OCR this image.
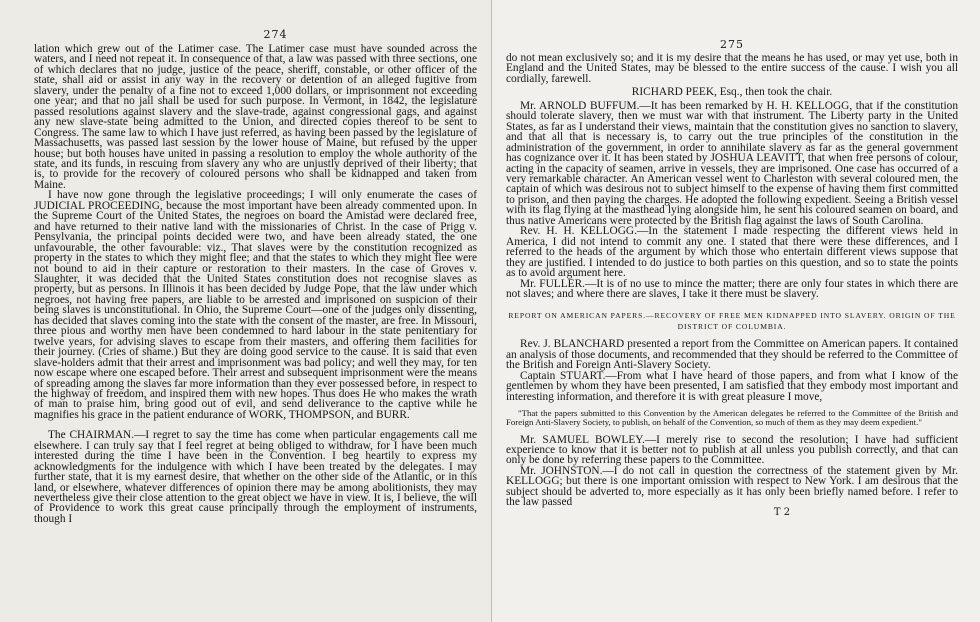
274

lation which grew out of the Latimer case. The Latimer case must have sounded across the waters, and I need not repeat it. In consequence of that, a law was passed with three sections, one of which declares that no judge, justice of the peace, sheriff, constable, or other officer of the state, shall aid or assist in any way in the recovery or detention of an alleged fugitive from slavery, under the penalty of a fine not to exceed 1,000 dollars, or imprisonment not exceeding one year; and that no jail shall be used for such purpose. In Vermont, in 1842, the legislature passed resolutions against slavery and the slave-trade, against congressional gags, and against any new slave-state being admitted to the Union, and directed copies thereof to be sent to Congress. The same law to which I have just referred, as having been passed by the legislature of Massachusetts, was passed last session by the lower house of Maine, but refused by the upper house; but both houses have united in passing a resolution to employ the whole authority of the state, and its funds, in rescuing from slavery any who are unjustly deprived of their liberty; that is, to provide for the recovery of coloured persons who shall be kidnapped and taken from Maine.

I have now gone through the legislative proceedings; I will only enumerate the cases of JUDICIAL PROCEEDING, because the most important have been already commented upon. In the Supreme Court of the United States, the negroes on board the Amistad were declared free, and have returned to their native land with the missionaries of Christ. In the case of Prigg v. Pensylvania, the principal points decided were two, and have been already stated, the one unfavourable, the other favourable: viz., That slaves were by the constitution recognized as property in the states to which they might flee; and that the states to which they might flee were not bound to aid in their capture or restoration to their masters. In the case of Groves v. Slaughter, it was decided that the United States constitution does not recognise slaves as property, but as persons. In Illinois it has been decided by Judge Pope, that the law under which negroes, not having free papers, are liable to be arrested and imprisoned on suspicion of their being slaves is unconstitutional. In Ohio, the Supreme Court—one of the judges only dissenting, has decided that slaves coming into the state with the consent of the master, are free. In Missouri, three pious and worthy men have been condemned to hard labour in the state penitentiary for twelve years, for advising slaves to escape from their masters, and offering them facilities for their journey. (Cries of shame.) But they are doing good service to the cause. It is said that even slave-holders admit that their arrest and imprisonment was bad policy; and well they may, for ten now escape where one escaped before. Their arrest and subsequent imprisonment were the means of spreading among the slaves far more information than they ever possessed before, in respect to the highway of freedom, and inspired them with new hopes. Thus does He who makes the wrath of man to praise him, bring good out of evil, and send deliverance to the captive while he magnifies his grace in the patient endurance of WORK, THOMPSON, and BURR.

The CHAIRMAN.—I regret to say the time has come when particular engagements call me elsewhere. I can truly say that I feel regret at being obliged to withdraw, for I have been much interested during the time I have been in the Convention. I beg heartily to express my acknowledgments for the indulgence with which I have been treated by the delegates. I may further state, that it is my earnest desire, that whether on the other side of the Atlantic, or in this land, or elsewhere, whatever differences of opinion there may be among abolitionists, they may nevertheless give their close attention to the great object we have in view. It is, I believe, the will of Providence to work this great cause principally through the employment of instruments, though I

275

do not mean exclusively so; and it is my desire that the means he has used, or may yet use, both in England and the United States, may be blessed to the entire success of the cause. I wish you all cordially, farewell.

RICHARD PEEK, Esq., then took the chair.

Mr. ARNOLD BUFFUM.—It has been remarked by H. H. KELLOGG, that if the constitution should tolerate slavery, then we must war with that instrument. The Liberty party in the United States, as far as I understand their views, maintain that the constitution gives no sanction to slavery, and that all that is necessary is, to carry out the true principles of the constitution in the administration of the government, in order to annihilate slavery as far as the general government has cognizance over it. It has been stated by JOSHUA LEAVITT, that when free persons of colour, acting in the capacity of seamen, arrive in vessels, they are imprisoned. One case has occurred of a very remarkable character. An American vessel went to Charleston with several coloured men, the captain of which was desirous not to subject himself to the expense of having them first committed to prison, and then paying the charges. He adopted the following expedient. Seeing a British vessel with its flag flying at the masthead lying alongside him, he sent his coloured seamen on board, and thus native Americans were protected by the British flag against the laws of South Carolina.

Rev. H. H. KELLOGG.—In the statement I made respecting the different views held in America, I did not intend to commit any one. I stated that there were these differences, and I referred to the heads of the argument by which those who entertain different views suppose that they are justified. I intended to do justice to both parties on this question, and so to state the points as to avoid argument here.

Mr. FULLER.—It is of no use to mince the matter; there are only four states in which there are not slaves; and where there are slaves, I take it there must be slavery.

REPORT ON AMERICAN PAPERS.—RECOVERY OF FREE MEN KIDNAPPED INTO SLAVERY. ORIGIN OF THE DISTRICT OF COLUMBIA.

Rev. J. BLANCHARD presented a report from the Committee on American papers. It contained an analysis of those documents, and recommended that they should be referred to the Committee of the British and Foreign Anti-Slavery Society.

Captain STUART.—From what I have heard of those papers, and from what I know of the gentlemen by whom they have been presented, I am satisfied that they embody most important and interesting information, and therefore it is with great pleasure I move,

"That the papers submitted to this Convention by the American delegates be referred to the Committee of the British and Foreign Anti-Slavery Society, to publish, on behalf of the Convention, so much of them as they may deem expedient."

Mr. SAMUEL BOWLEY.—I merely rise to second the resolution; I have had sufficient experience to know that it is better not to publish at all unless you publish correctly, and that can only be done by referring these papers to the Committee.

Mr. JOHNSTON.—I do not call in question the correctness of the statement given by Mr. KELLOGG; but there is one important omission with respect to New York. I am desirous that the subject should be adverted to, more especially as it has only been briefly named before. I refer to the law passed

T 2
